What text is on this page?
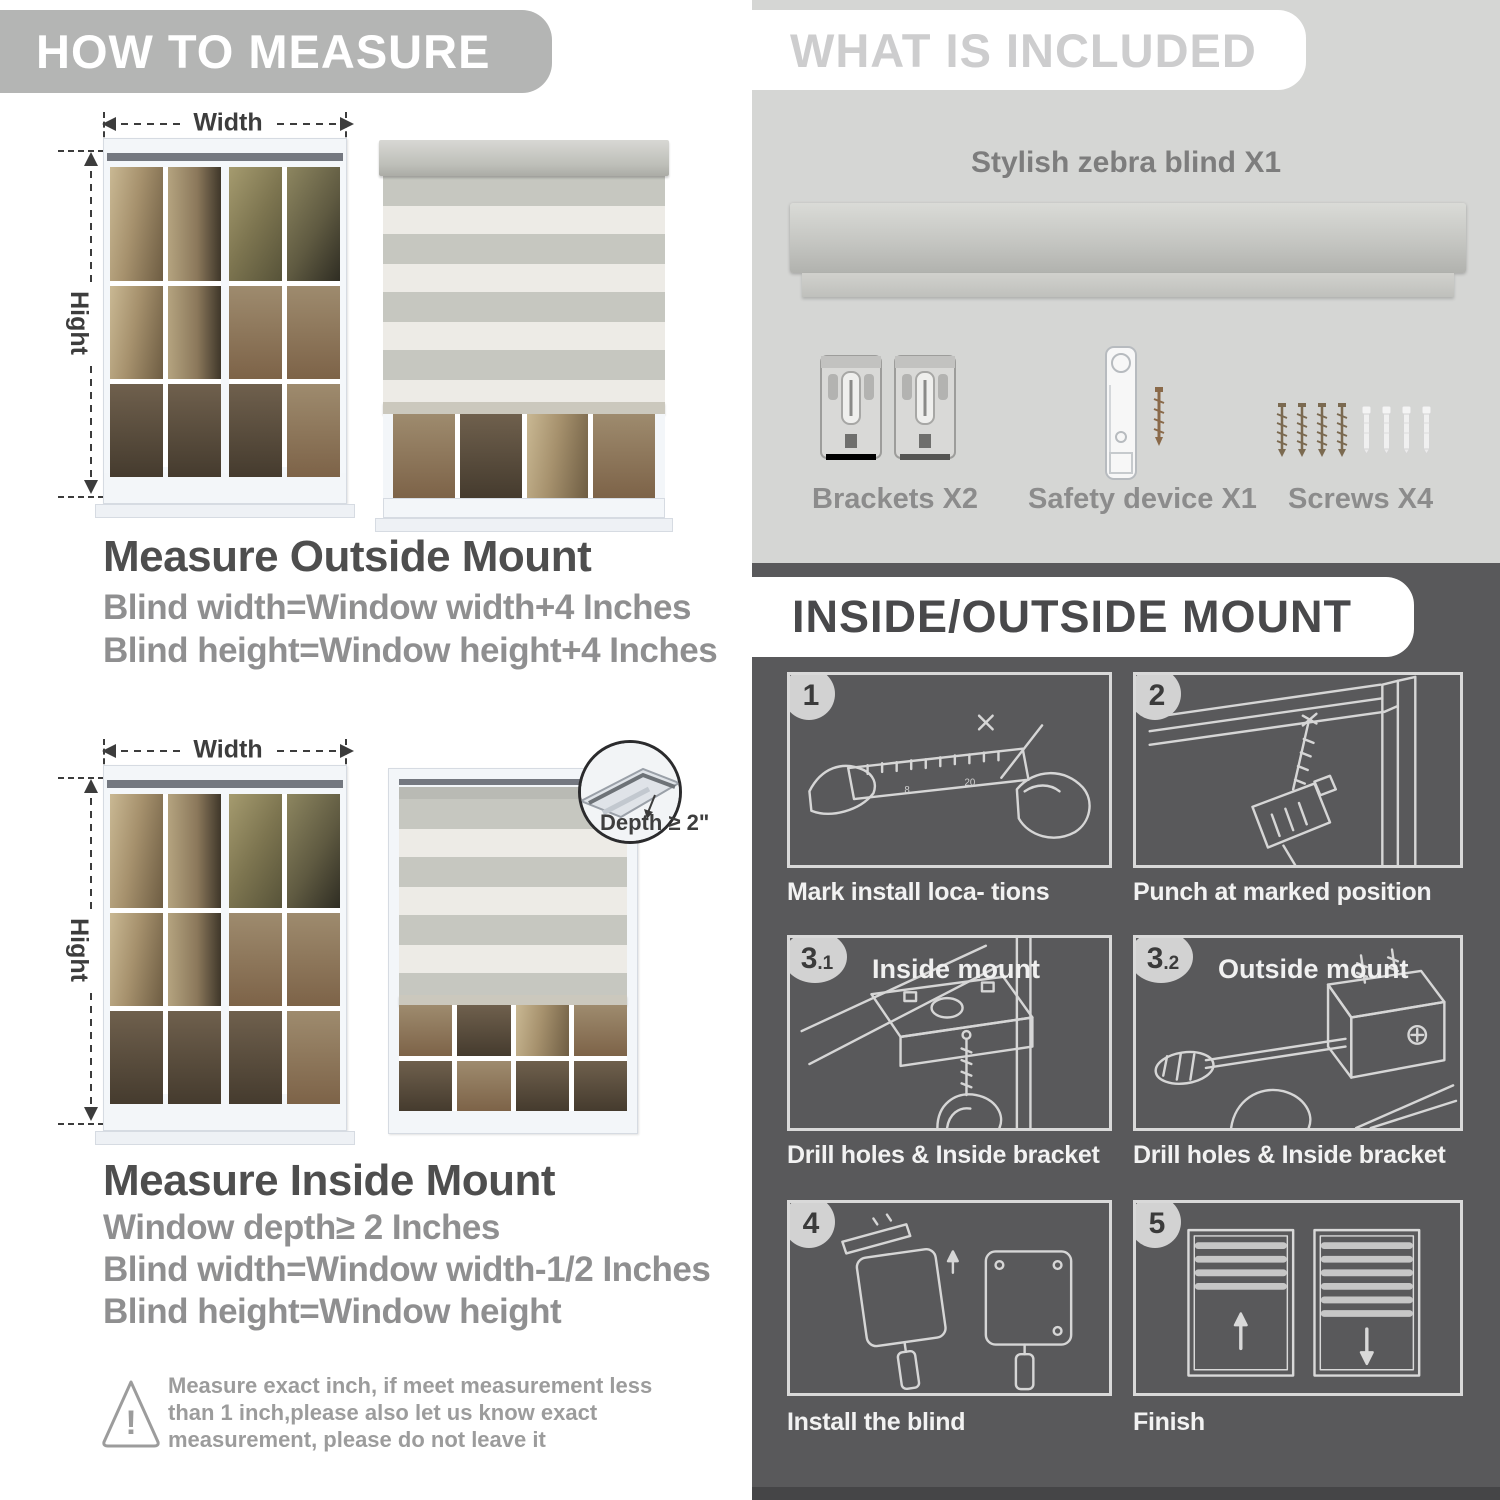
HOW TO MEASURE
Width
Hight
Measure Outside Mount
Blind width=Window width+4 Inches
Blind height=Window height+4 Inches
Width
Hight
Depth ≥ 2"
Measure Inside Mount
Window depth≥ 2 Inches
Blind width=Window width-1/2 Inches
Blind height=Window height
!
Measure exact inch, if meet measurement less
than 1 inch,please also let us know exact
measurement, please do not leave it
WHAT IS INCLUDED
Stylish zebra blind X1
Brackets X2 Safety device X1 Screws X4
INSIDE/OUTSIDE MOUNT
8
20
1
Mark install loca- tions
2
Punch at marked position
3 .1 Inside mount
Drill holes & Inside bracket
3 .2 Outside mount
Drill holes & Inside bracket
4
Install the blind
5
Finish
